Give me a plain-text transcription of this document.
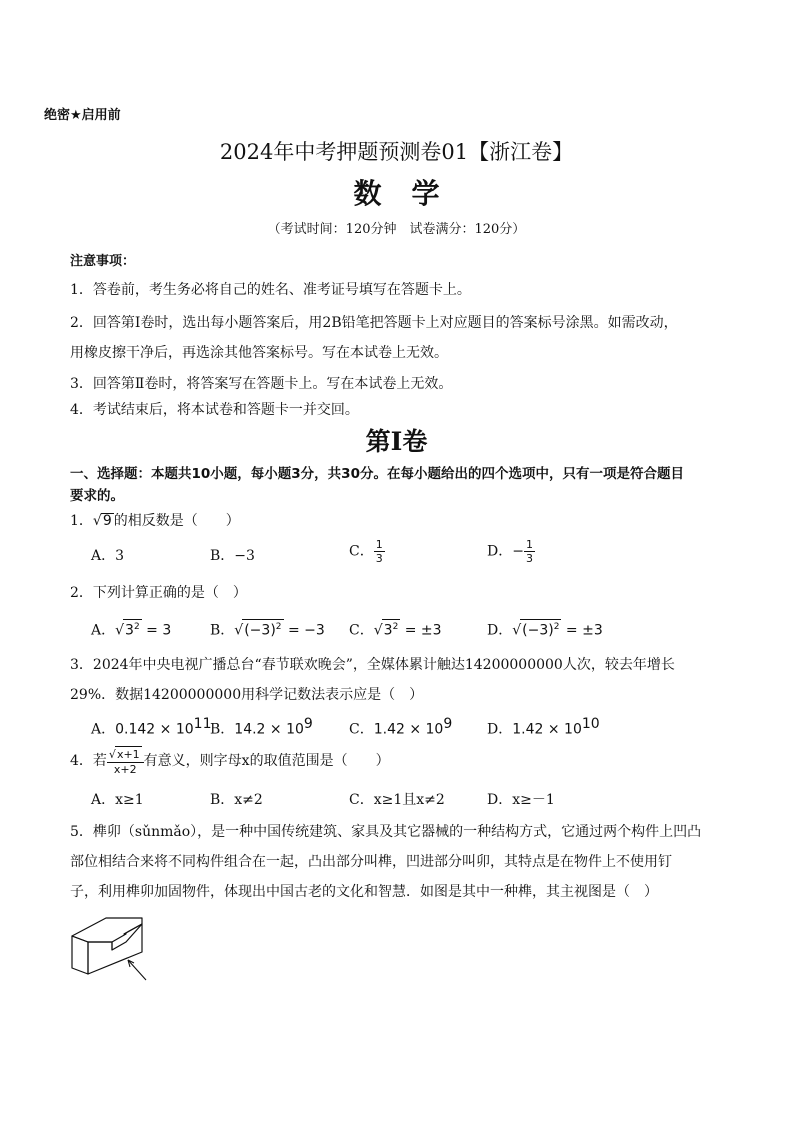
绝密★启用前
2024年中考押题预测卷01【浙江卷】
数学
（考试时间：120分钟　试卷满分：120分）
注意事项：
1．答卷前，考生务必将自己的姓名、准考证号填写在答题卡上。
2．回答第Ⅰ卷时，选出每小题答案后，用2B铅笔把答题卡上对应题目的答案标号涂黑。如需改动，
用橡皮擦干净后，再选涂其他答案标号。写在本试卷上无效。
3．回答第Ⅱ卷时，将答案写在答题卡上。写在本试卷上无效。
4．考试结束后，将本试卷和答题卡一并交回。
第Ⅰ卷
一、选择题：本题共10小题，每小题3分，共30分。在每小题给出的四个选项中，只有一项是符合题目
要求的。
1．√9 的相反数是（　　）
A．3	B．−3	C． $\frac{1}{3}$	D．− $\frac{1}{3}$
2．下列计算正确的是（　）
A．$√3^2 = 3$	B．$√(-3)^2 = -3$ C．$√3^2 = \pm 3$	D．$√(-3)^2 = \pm 3$
3．2024年中央电视广播总台“春节联欢晚会”，全媒体累计触达14200000000人次，较去年增长
29%．数据14200000000用科学记数法表示应是（　）
A．$0.142 \times 10^{11}$
B．$14.2 \times 10^9$	C．$1.42 \times 10^9$ D．$1.42 \times 10^{10}$
4．若 $\frac{√x+1}{x+2}$ 有意义，则字母x的取值范围是（　　）
A．x≥1	B．x≠2	C．x≥1且x≠2	D．x≥－1
5．榫卯（sǔnmǎo），是一种中国传统建筑、家具及其它器械的一种结构方式，它通过两个构件上凹凸
部位相结合来将不同构件组合在一起，凸出部分叫榫，凹进部分叫卯，其特点是在物件上不使用钉
子，利用榫卯加固物件，体现出中国古老的文化和智慧．如图是其中一种榫，其主视图是（　）
